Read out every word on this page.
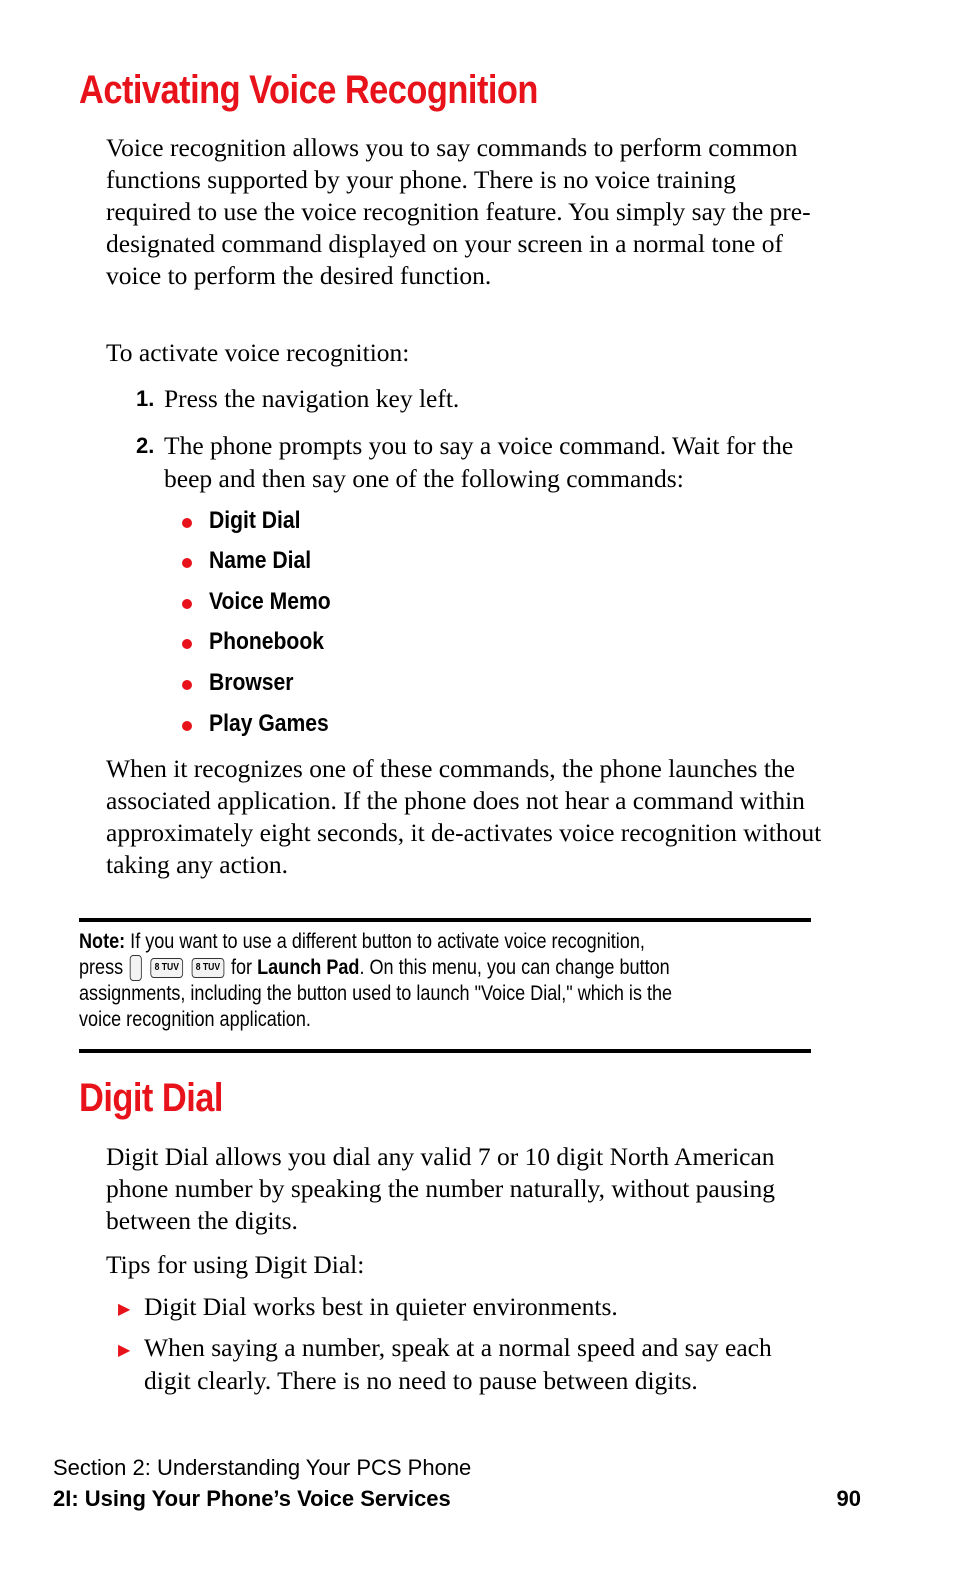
Activating Voice Recognition

Voice recognition allows you to say commands to perform common functions supported by your phone. There is no voice training required to use the voice recognition feature. You simply say the pre-designated command displayed on your screen in a normal tone of voice to perform the desired function.

To activate voice recognition:

1. Press the navigation key left.
2. The phone prompts you to say a voice command. Wait for the beep and then say one of the following commands:
Digit Dial
Name Dial
Voice Memo
Phonebook
Browser
Play Games

When it recognizes one of these commands, the phone launches the associated application. If the phone does not hear a command within approximately eight seconds, it de-activates voice recognition without taking any action.

Note: If you want to use a different button to activate voice recognition,
press	8 TUV 8 TUV for Launch Pad. On this menu, you can change button
assignments, including the button used to launch "Voice Dial," which is the
voice recognition application.
Digit Dial

Digit Dial allows you dial any valid 7 or 10 digit North American phone number by speaking the number naturally, without pausing between the digits.

Tips for using Digit Dial:

▶ Digit Dial works best in quieter environments.
▶ When saying a number, speak at a normal speed and say each digit clearly. There is no need to pause between digits.
Section 2: Understanding Your PCS Phone
2I: Using Your Phone’s Voice Services	90
